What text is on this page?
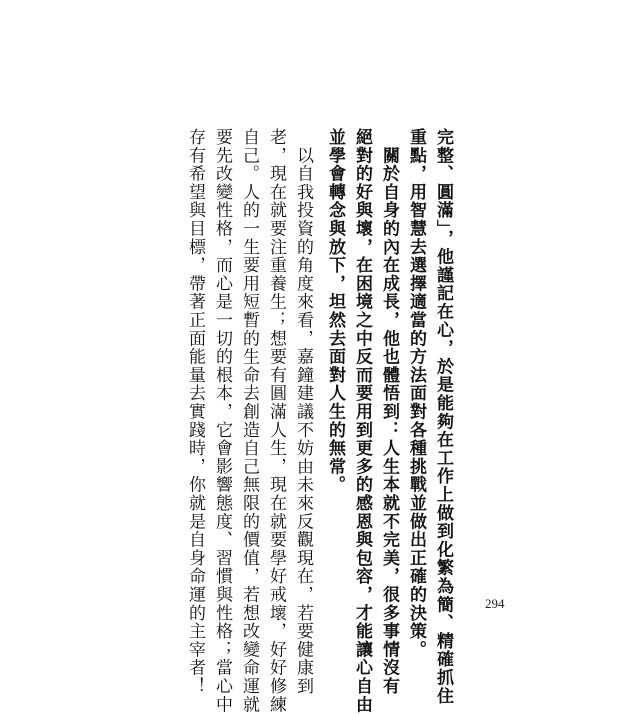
完整、圓滿」，他謹記在心，於是能夠在工作上做到化繁為簡、精確抓住
重點，用智慧去選擇適當的方法面對各種挑戰並做出正確的決策。
　關於自身的內在成長，他也體悟到：人生本就不完美，很多事情沒有
絕對的好與壞，在困境之中反而要用到更多的感恩與包容，才能讓心自由
並學會轉念與放下，坦然去面對人生的無常。
　以自我投資的角度來看，嘉鐘建議不妨由未來反觀現在，若要健康到
老，現在就要注重養生；想要有圓滿人生，現在就要學好戒壞，好好修練
自己。人的一生要用短暫的生命去創造自己無限的價值，若想改變命運就
要先改變性格，而心是一切的根本，它會影響態度、習慣與性格；當心中
存有希望與目標，帶著正面能量去實踐時，你就是自身命運的主宰者！	294
